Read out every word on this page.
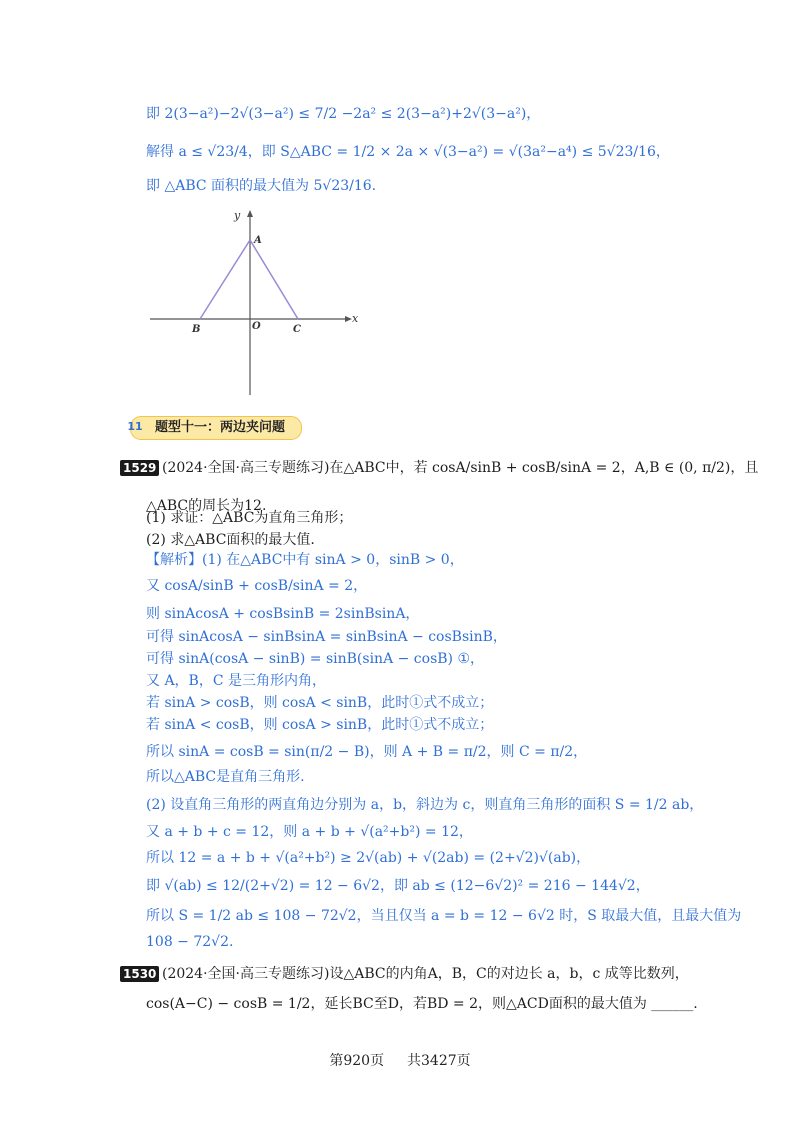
即 2(3−a²)−2√(3−a²) ≤ 7/2 −2a² ≤ 2(3−a²)+2√(3−a²)，
解得 a ≤ √23/4，即 S△ABC = 1/2 × 2a × √(3−a²) = √(3a²−a⁴) ≤ 5√23/16，
即 △ABC 面积的最大值为 5√23/16.
y
x
A
B	O	C
11 题型十一：两边夹问题
1529 (2024·全国·高三专题练习)在△ABC中，若 cosA/sinB + cosB/sinA = 2，A,B ∈ (0, π/2)，且
△ABC的周长为12.
(1) 求证：△ABC为直角三角形；
(2) 求△ABC面积的最大值.
【解析】(1) 在△ABC中有 sinA > 0，sinB > 0，
又 cosA/sinB + cosB/sinA = 2，
则 sinAcosA + cosBsinB = 2sinBsinA，
可得 sinAcosA − sinBsinA = sinBsinA − cosBsinB，
可得 sinA(cosA − sinB) = sinB(sinA − cosB) ①，
又 A，B，C 是三角形内角，
若 sinA > cosB，则 cosA < sinB，此时①式不成立；
若 sinA < cosB，则 cosA > sinB，此时①式不成立；
所以 sinA = cosB = sin(π/2 − B)，则 A + B = π/2，则 C = π/2，
所以△ABC是直角三角形.
(2) 设直角三角形的两直角边分别为 a，b，斜边为 c，则直角三角形的面积 S = 1/2 ab，
又 a + b + c = 12，则 a + b + √(a²+b²) = 12，
所以 12 = a + b + √(a²+b²) ≥ 2√(ab) + √(2ab) = (2+√2)√(ab)，
即 √(ab) ≤ 12/(2+√2) = 12 − 6√2，即 ab ≤ (12−6√2)² = 216 − 144√2，
所以 S = 1/2 ab ≤ 108 − 72√2，当且仅当 a = b = 12 − 6√2 时，S 取最大值，且最大值为
108 − 72√2.
1530 (2024·全国·高三专题练习)设△ABC的内角A，B，C的对边长 a，b，c 成等比数列，
cos(A−C) − cosB = 1/2，延长BC至D，若BD = 2，则△ACD面积的最大值为 ______.
第920页 共3427页
